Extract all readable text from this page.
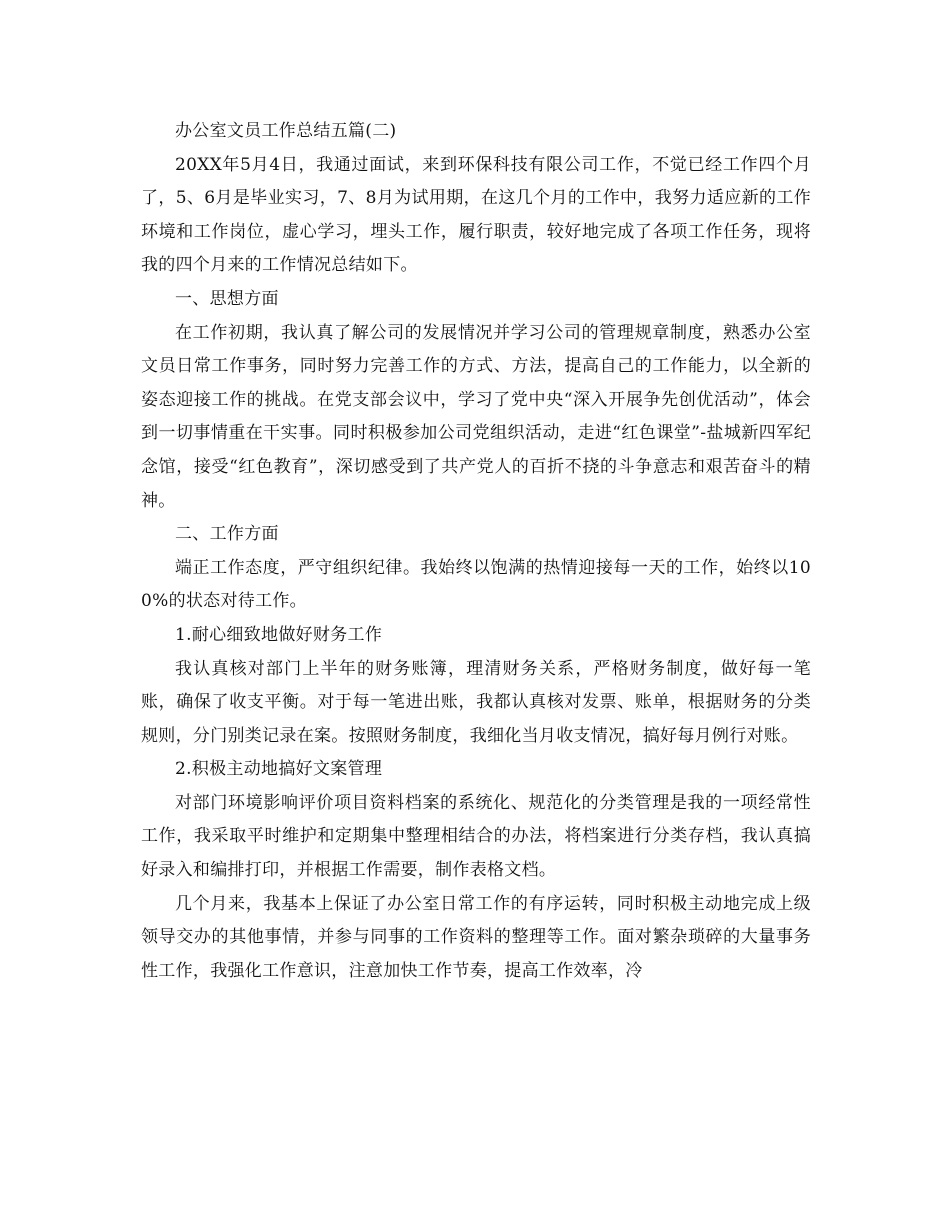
办公室文员工作总结五篇(二)

20XX年5月4日，我通过面试，来到环保科技有限公司工作，不觉已经工作四个月了，5、6月是毕业实习，7、8月为试用期，在这几个月的工作中，我努力适应新的工作环境和工作岗位，虚心学习，埋头工作，履行职责，较好地完成了各项工作任务，现将我的四个月来的工作情况总结如下。

一、思想方面

在工作初期，我认真了解公司的发展情况并学习公司的管理规章制度，熟悉办公室文员日常工作事务，同时努力完善工作的方式、方法，提高自己的工作能力，以全新的姿态迎接工作的挑战。在党支部会议中，学习了党中央“深入开展争先创优活动”，体会到一切事情重在干实事。同时积极参加公司党组织活动，走进“红色课堂”-盐城新四军纪念馆，接受“红色教育”，深切感受到了共产党人的百折不挠的斗争意志和艰苦奋斗的精神。

二、工作方面

端正工作态度，严守组织纪律。我始终以饱满的热情迎接每一天的工作，始终以100%的状态对待工作。

1.耐心细致地做好财务工作

我认真核对部门上半年的财务账簿，理清财务关系，严格财务制度，做好每一笔账，确保了收支平衡。对于每一笔进出账，我都认真核对发票、账单，根据财务的分类规则，分门别类记录在案。按照财务制度，我细化当月收支情况，搞好每月例行对账。

2.积极主动地搞好文案管理

对部门环境影响评价项目资料档案的系统化、规范化的分类管理是我的一项经常性工作，我采取平时维护和定期集中整理相结合的办法，将档案进行分类存档，我认真搞好录入和编排打印，并根据工作需要，制作表格文档。

几个月来，我基本上保证了办公室日常工作的有序运转，同时积极主动地完成上级领导交办的其他事情，并参与同事的工作资料的整理等工作。面对繁杂琐碎的大量事务性工作，我强化工作意识，注意加快工作节奏，提高工作效率，冷
